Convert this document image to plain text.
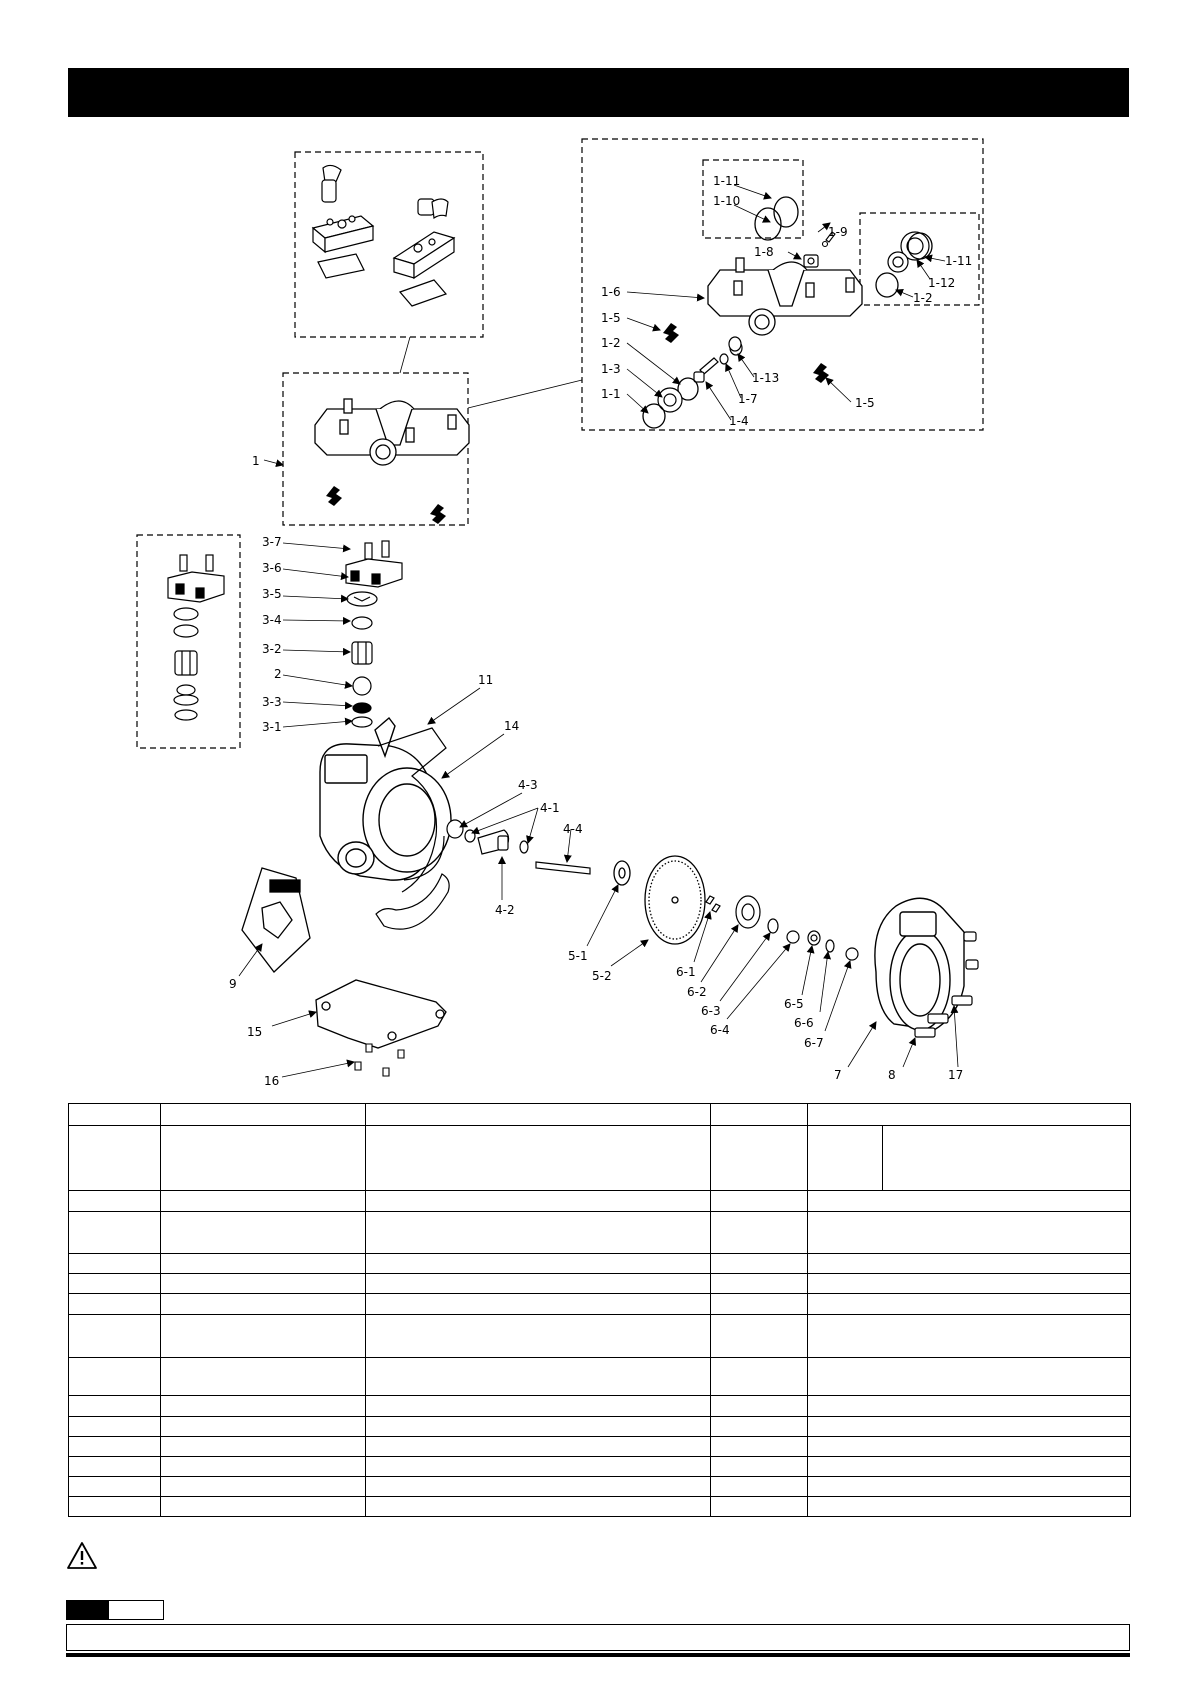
1
1-11
1-10
1-9
1-8
1-11
1-12
1-2
1-6
1-5
1-2
1-3
1-1
1-13
1-7
1-4
1-5
3-7
3-6
3-5
3-4
3-2
2
3-3
3-1
11
14
4-3
4-1
4-4
4-2
5-1
5-2	6-1
6-2
6-3
6-4
6-5
6-6
6-7
9
15
16	7	8	17
